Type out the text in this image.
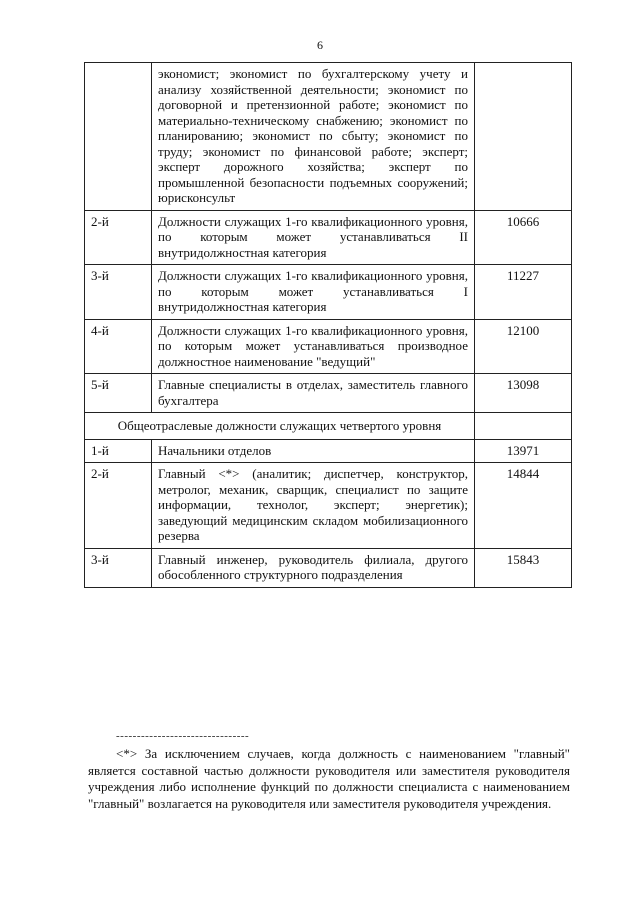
6
	экономист; экономист по бухгалтерскому учету и анализу хозяйственной деятельности; экономист по договорной и претензионной работе; экономист по материально-техническому снабжению; экономист по планированию; экономист по сбыту; экономист по труду; экономист по финансовой работе; эксперт; эксперт дорожного хозяйства; эксперт по промышленной безопасности подъемных сооружений; юрисконсульт	
2-й	Должности служащих 1-го квалификационного уровня, по которым может устанавливаться II внутридолжностная категория	10666
3-й	Должности служащих 1-го квалификационного уровня, по которым может устанавливаться I внутридолжностная категория	11227
4-й	Должности служащих 1-го квалификационного уровня, по которым может устанавливаться производное должностное наименование "ведущий"	12100
5-й	Главные специалисты в отделах, заместитель главного бухгалтера	13098
Общеотраслевые должности служащих четвертого уровня		
1-й	Начальники отделов	13971
2-й	Главный <*> (аналитик; диспетчер, конструктор, метролог, механик, сварщик, специалист по защите информации, технолог, эксперт; энергетик); заведующий медицинским складом мобилизационного резерва	14844
3-й	Главный инженер, руководитель филиала, другого обособленного структурного подразделения	15843
--------------------------------
<*> За исключением случаев, когда должность с наименованием "главный" является составной частью должности руководителя или заместителя руководителя учреждения либо исполнение функций по должности специалиста с наименованием "главный" возлагается на руководителя или заместителя руководителя учреждения.
